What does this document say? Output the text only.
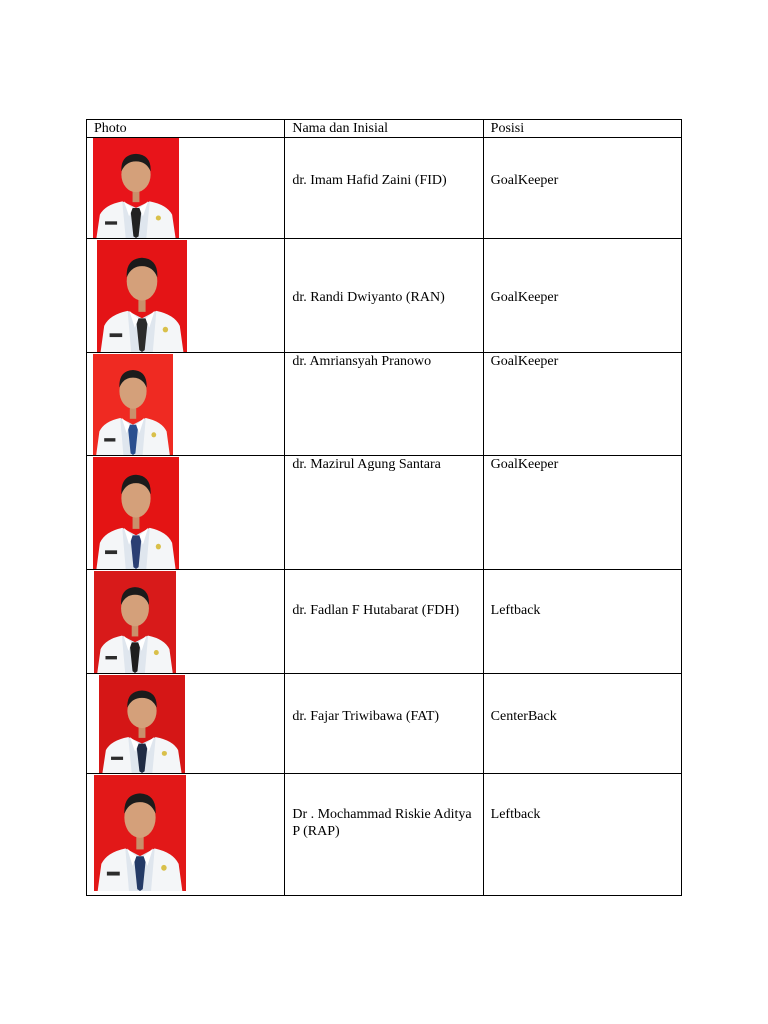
Photo	Nama dan Inisial	Posisi

	dr. Imam Hafid Zaini (FID)	GoalKeeper

	dr. Randi Dwiyanto (RAN)	GoalKeeper

	dr. Amriansyah Pranowo	GoalKeeper

	dr. Mazirul Agung Santara	GoalKeeper

	dr. Fadlan F Hutabarat (FDH)	Leftback

	dr. Fajar Triwibawa (FAT)	CenterBack

	Dr . Mochammad Riskie Aditya P (RAP)	Leftback
